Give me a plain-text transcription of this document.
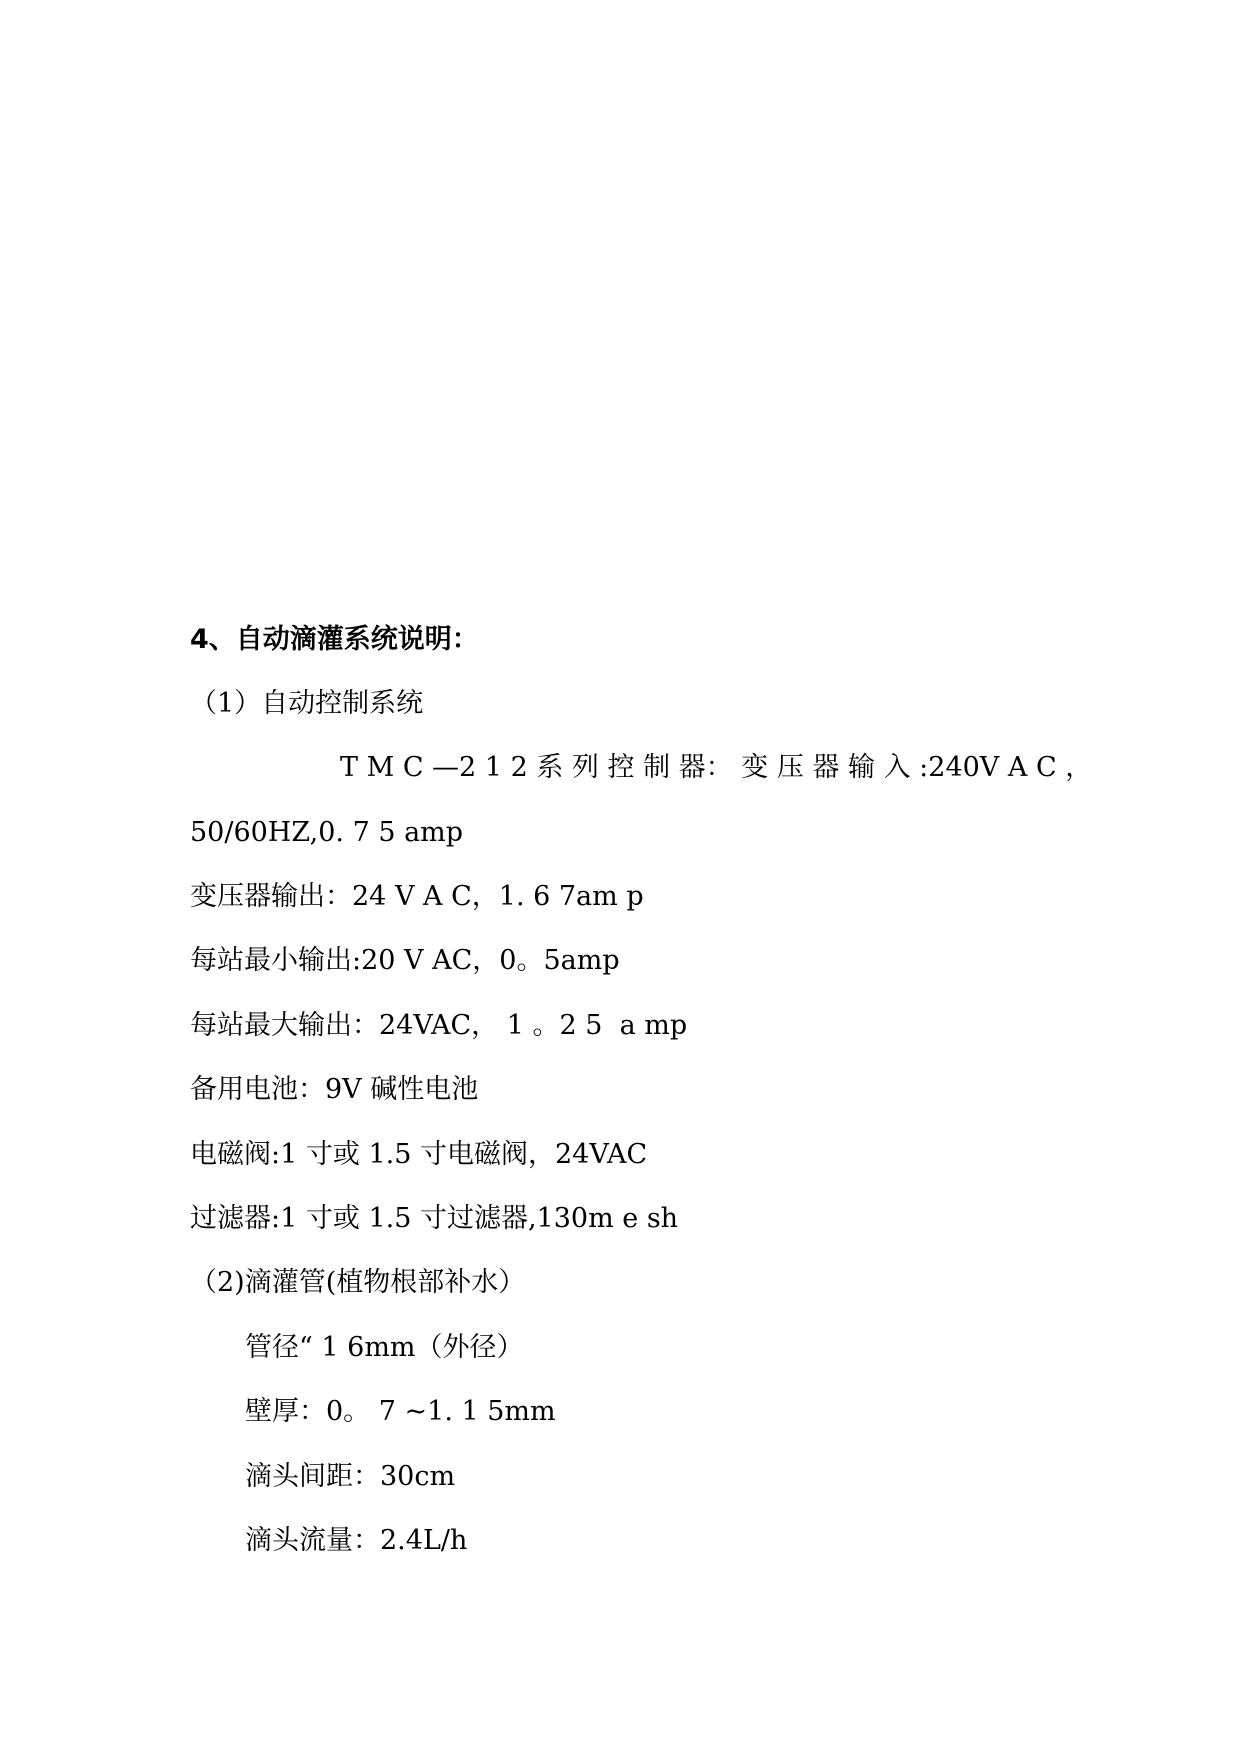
4、自动滴灌系统说明：
（1）自动控制系统
T M C —2 1 2 系 列 控 制 器： 变 压 器 输 入 :240V A C ，
50/60HZ,0. 7 5 amp
变压器输出：24 V A C，1. 6 7am p
每站最小输出:20 V AC，0。5amp
每站最大输出：24VAC， 1 。2 5  a mp
备用电池：9V 碱性电池
电磁阀:1 寸或 1.5 寸电磁阀，24VAC
过滤器:1 寸或 1.5 寸过滤器,130m e sh
（2)滴灌管(植物根部补水）
管径“ 1 6mm（外径）
壁厚：0。 7 ~1. 1 5mm
滴头间距：30cm
滴头流量：2.4L/h
